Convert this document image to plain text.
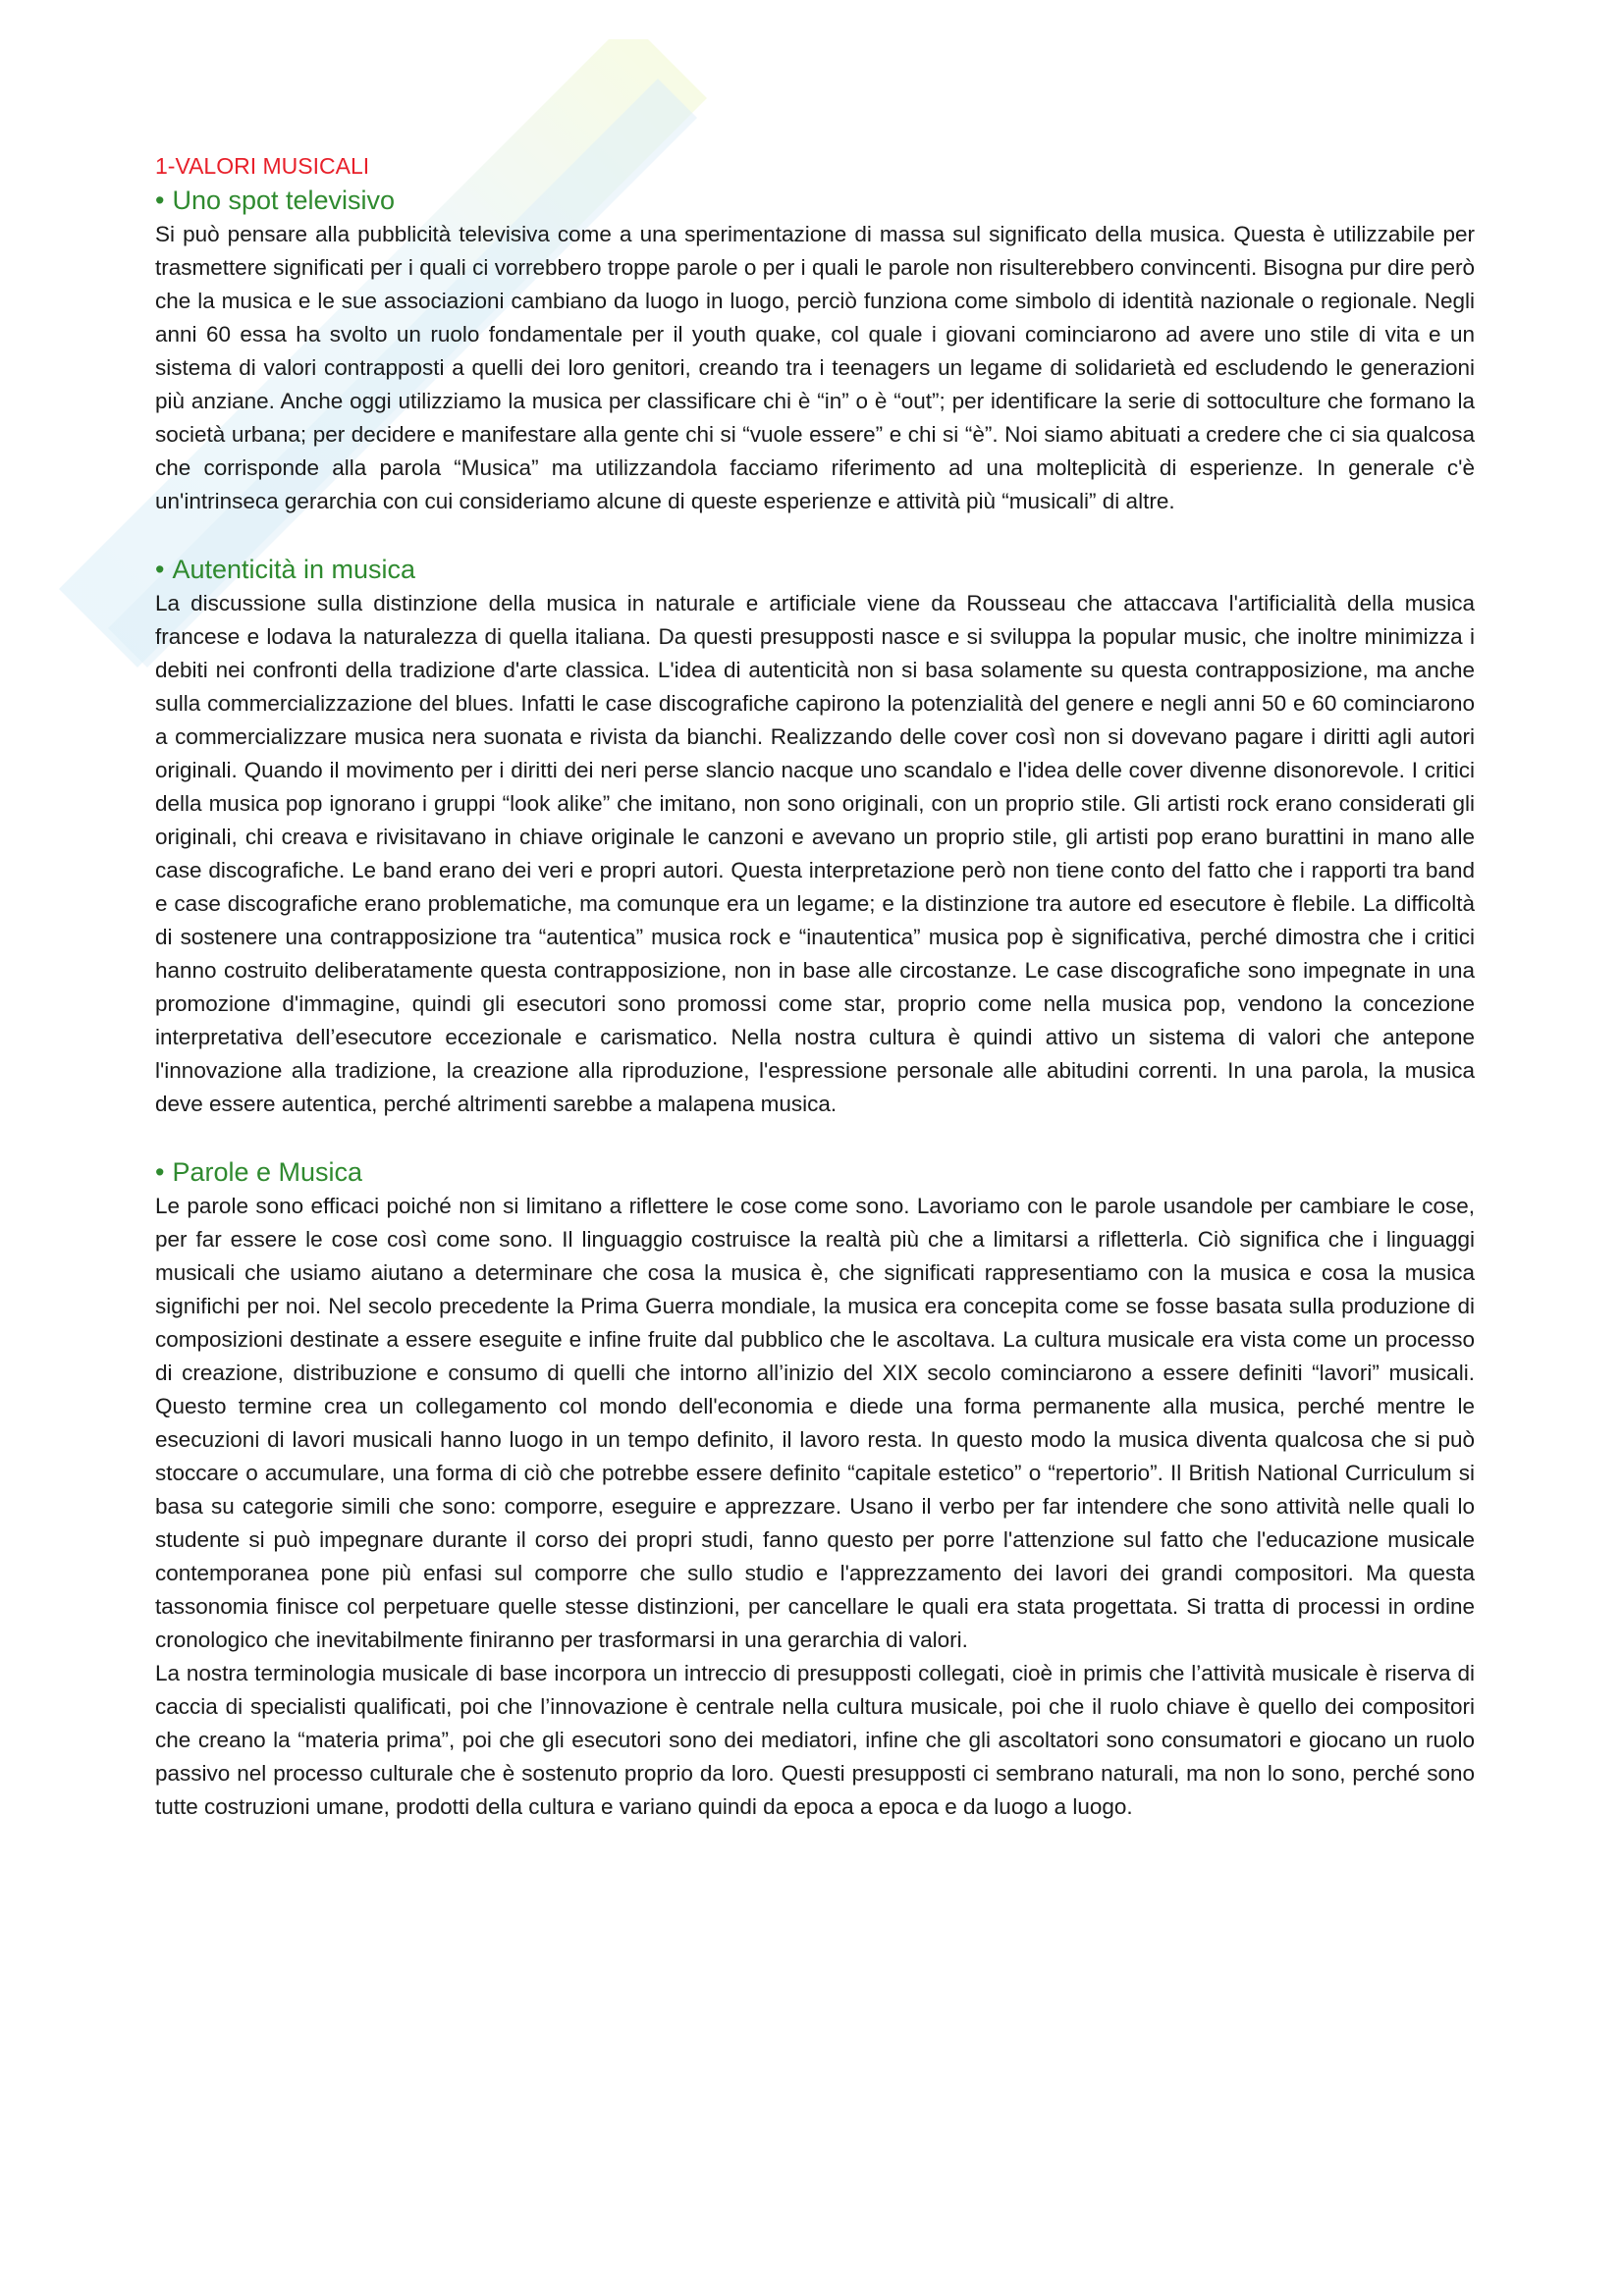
1-VALORI MUSICALI
• Uno spot televisivo

Si può pensare alla pubblicità televisiva come a una sperimentazione di massa sul significato della musica. Questa è utilizzabile per trasmettere significati per i quali ci vorrebbero troppe parole o per i quali le parole non risulterebbero convincenti. Bisogna pur dire però che la musica e le sue associazioni cambiano da luogo in luogo, perciò funziona come simbolo di identità nazionale o regionale. Negli anni 60 essa ha svolto un ruolo fondamentale per il youth quake, col quale i giovani cominciarono ad avere uno stile di vita e un sistema di valori contrapposti a quelli dei loro genitori, creando tra i teenagers un legame di solidarietà ed escludendo le generazioni più anziane. Anche oggi utilizziamo la musica per classificare chi è “in” o è “out”; per identificare la serie di sottoculture che formano la società urbana; per decidere e manifestare alla gente chi si “vuole essere” e chi si “è”. Noi siamo abituati a credere che ci sia qualcosa che corrisponde alla parola “Musica” ma utilizzandola facciamo riferimento ad una molteplicità di esperienze. In generale c'è un'intrinseca gerarchia con cui consideriamo alcune di queste esperienze e attività più “musicali” di altre.

• Autenticità in musica

La discussione sulla distinzione della musica in naturale e artificiale viene da Rousseau che attaccava l'artificialità della musica francese e lodava la naturalezza di quella italiana. Da questi presupposti nasce e si sviluppa la popular music, che inoltre minimizza i debiti nei confronti della tradizione d'arte classica. L'idea di autenticità non si basa solamente su questa contrapposizione, ma anche sulla commercializzazione del blues. Infatti le case discografiche capirono la potenzialità del genere e negli anni 50 e 60 cominciarono a commercializzare musica nera suonata e rivista da bianchi. Realizzando delle cover così non si dovevano pagare i diritti agli autori originali. Quando il movimento per i diritti dei neri perse slancio nacque uno scandalo e l'idea delle cover divenne disonorevole. I critici della musica pop ignorano i gruppi “look alike” che imitano, non sono originali, con un proprio stile. Gli artisti rock erano considerati gli originali, chi creava e rivisitavano in chiave originale le canzoni e avevano un proprio stile, gli artisti pop erano burattini in mano alle case discografiche. Le band erano dei veri e propri autori. Questa interpretazione però non tiene conto del fatto che i rapporti tra band e case discografiche erano problematiche, ma comunque era un legame; e la distinzione tra autore ed esecutore è flebile. La difficoltà di sostenere una contrapposizione tra “autentica” musica rock e “inautentica” musica pop è significativa, perché dimostra che i critici hanno costruito deliberatamente questa contrapposizione, non in base alle circostanze. Le case discografiche sono impegnate in una promozione d'immagine, quindi gli esecutori sono promossi come star, proprio come nella musica pop, vendono la concezione interpretativa dell’esecutore eccezionale e carismatico. Nella nostra cultura è quindi attivo un sistema di valori che antepone l'innovazione alla tradizione, la creazione alla riproduzione, l'espressione personale alle abitudini correnti. In una parola, la musica deve essere autentica, perché altrimenti sarebbe a malapena musica.

• Parole e Musica

Le parole sono efficaci poiché non si limitano a riflettere le cose come sono. Lavoriamo con le parole usandole per cambiare le cose, per far essere le cose così come sono. Il linguaggio costruisce la realtà più che a limitarsi a rifletterla. Ciò significa che i linguaggi musicali che usiamo aiutano a determinare che cosa la musica è, che significati rappresentiamo con la musica e cosa la musica significhi per noi. Nel secolo precedente la Prima Guerra mondiale, la musica era concepita come se fosse basata sulla produzione di composizioni destinate a essere eseguite e infine fruite dal pubblico che le ascoltava. La cultura musicale era vista come un processo di creazione, distribuzione e consumo di quelli che intorno all’inizio del XIX secolo cominciarono a essere definiti “lavori” musicali. Questo termine crea un collegamento col mondo dell'economia e diede una forma permanente alla musica, perché mentre le esecuzioni di lavori musicali hanno luogo in un tempo definito, il lavoro resta. In questo modo la musica diventa qualcosa che si può stoccare o accumulare, una forma di ciò che potrebbe essere definito “capitale estetico” o “repertorio”. Il British National Curriculum si basa su categorie simili che sono: comporre, eseguire e apprezzare. Usano il verbo per far intendere che sono attività nelle quali lo studente si può impegnare durante il corso dei propri studi, fanno questo per porre l'attenzione sul fatto che l'educazione musicale contemporanea pone più enfasi sul comporre che sullo studio e l'apprezzamento dei lavori dei grandi compositori. Ma questa tassonomia finisce col perpetuare quelle stesse distinzioni, per cancellare le quali era stata progettata. Si tratta di processi in ordine cronologico che inevitabilmente finiranno per trasformarsi in una gerarchia di valori.

La nostra terminologia musicale di base incorpora un intreccio di presupposti collegati, cioè in primis che l’attività musicale è riserva di caccia di specialisti qualificati, poi che l’innovazione è centrale nella cultura musicale, poi che il ruolo chiave è quello dei compositori che creano la “materia prima”, poi che gli esecutori sono dei mediatori, infine che gli ascoltatori sono consumatori e giocano un ruolo passivo nel processo culturale che è sostenuto proprio da loro. Questi presupposti ci sembrano naturali, ma non lo sono, perché sono tutte costruzioni umane, prodotti della cultura e variano quindi da epoca a epoca e da luogo a luogo.
